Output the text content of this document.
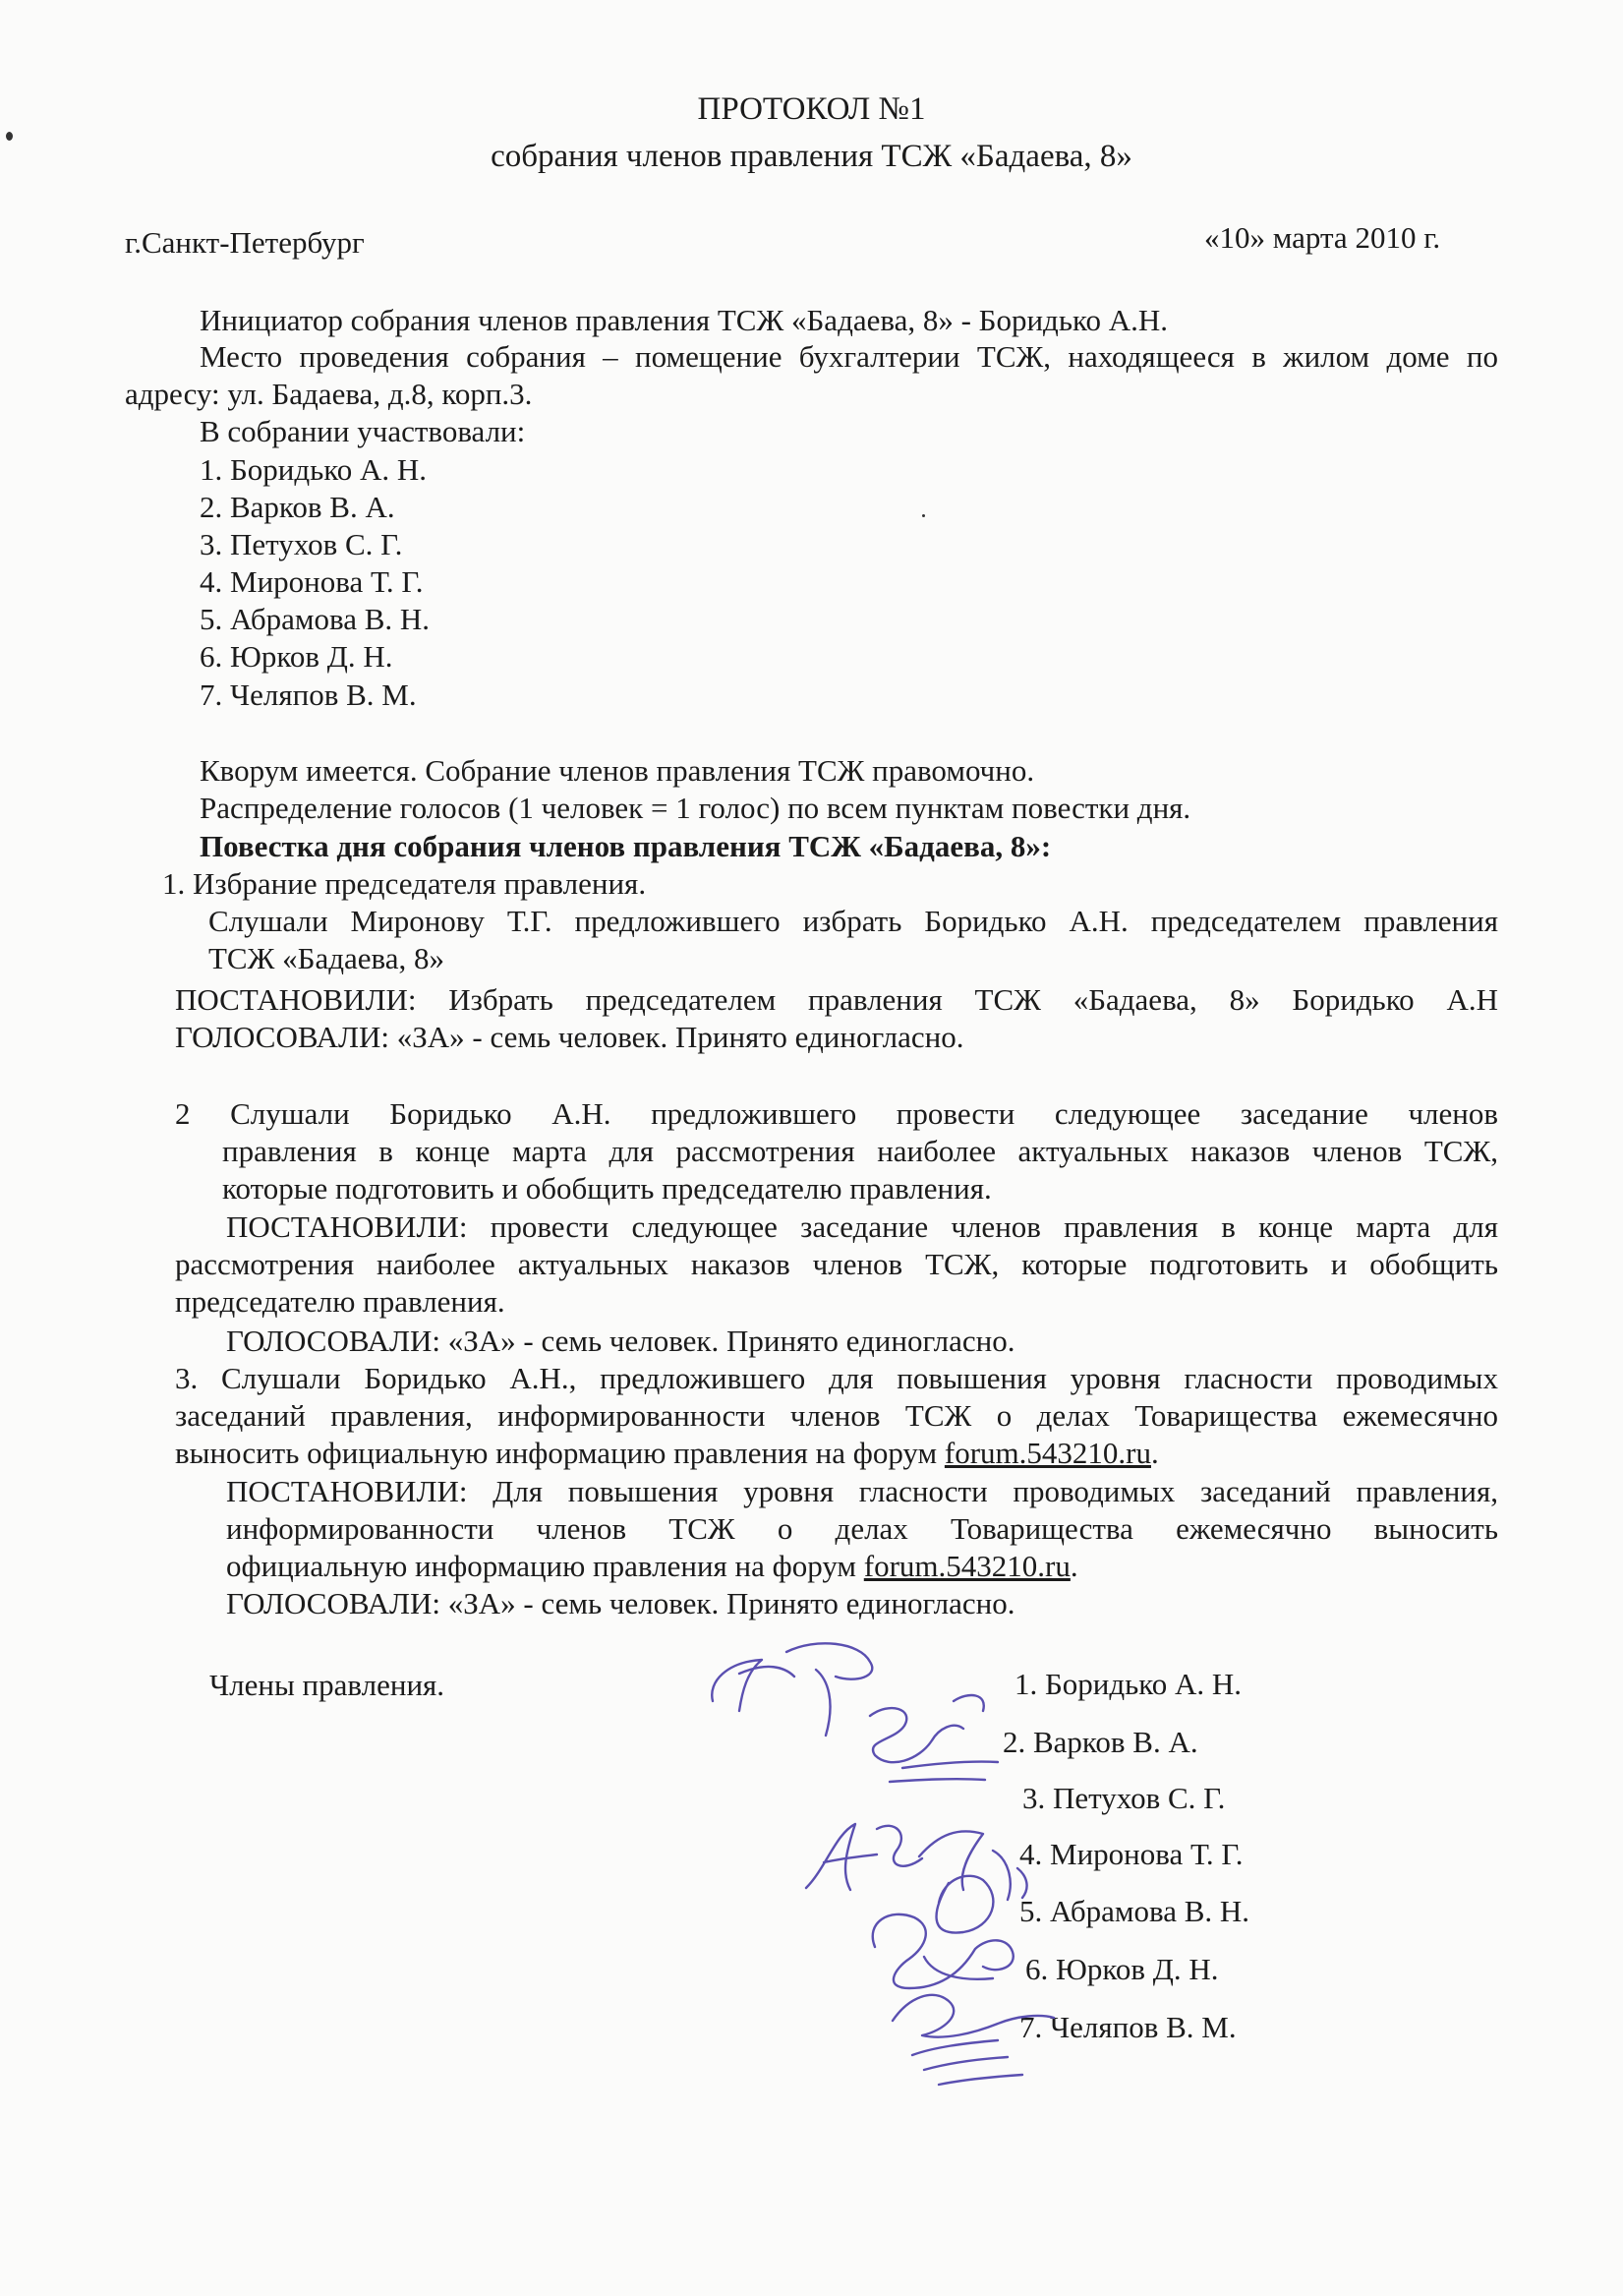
ПРОТОКОЛ №1
собрания членов правления ТСЖ «Бадаева, 8»
г.Санкт-Петербург	«10» марта 2010 г.
Инициатор собрания членов правления ТСЖ «Бадаева, 8» - Боридько А.Н.
Место проведения собрания – помещение бухгалтерии ТСЖ, находящееся в жилом доме по
адресу: ул. Бадаева, д.8, корп.3.
В собрании участвовали:
1. Боридько А. Н.
2. Варков В. А.
3. Петухов С. Г.
4. Миронова Т. Г.
5. Абрамова В. Н.
6. Юрков Д. Н.
7. Челяпов В. М.
Кворум имеется. Собрание членов правления ТСЖ правомочно.
Распределение голосов (1 человек = 1 голос) по всем пунктам повестки дня.
Повестка дня собрания членов правления ТСЖ «Бадаева, 8»:
1. Избрание председателя правления.
Слушали Миронову Т.Г. предложившего избрать Боридько А.Н. председателем правления
ТСЖ «Бадаева, 8»
ПОСТАНОВИЛИ: Избрать председателем правления ТСЖ «Бадаева, 8» Боридько А.Н
ГОЛОСОВАЛИ: «ЗА» - семь человек. Принято единогласно.
2 Слушали Боридько А.Н. предложившего провести следующее заседание членов
правления в конце марта для рассмотрения наиболее актуальных наказов членов ТСЖ,
которые подготовить и обобщить председателю правления.
ПОСТАНОВИЛИ: провести следующее заседание членов правления в конце марта для
рассмотрения наиболее актуальных наказов членов ТСЖ, которые подготовить и обобщить
председателю правления.
ГОЛОСОВАЛИ: «ЗА» - семь человек. Принято единогласно.
3. Слушали Боридько А.Н., предложившего для повышения уровня гласности проводимых
заседаний правления, информированности членов ТСЖ о делах Товарищества ежемесячно
выносить официальную информацию правления на форум forum.543210.ru.
ПОСТАНОВИЛИ: Для повышения уровня гласности проводимых заседаний правления,
информированности членов ТСЖ о делах Товарищества ежемесячно выносить
официальную информацию правления на форум forum.543210.ru.
ГОЛОСОВАЛИ: «ЗА» - семь человек. Принято единогласно.
Члены правления.	1. Боридько А. Н.
2. Варков В. А.
3. Петухов С. Г.
4. Миронова Т. Г.
5. Абрамова В. Н.
6. Юрков Д. Н.
7. Челяпов В. М.
